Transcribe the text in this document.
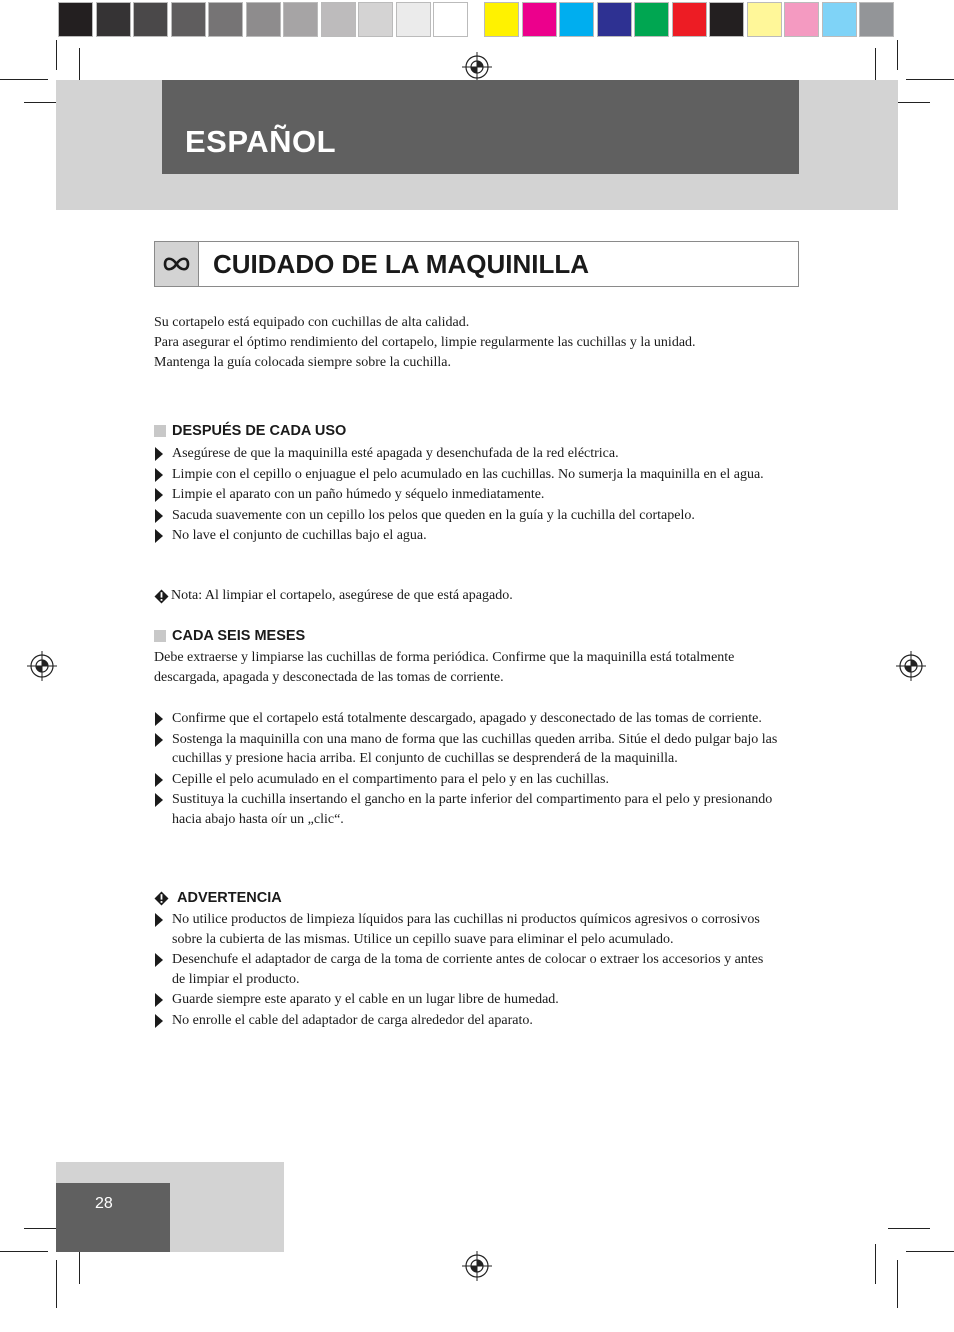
ESPAÑOL
CUIDADO DE LA MAQUINILLA

Su cortapelo está equipado con cuchillas de alta calidad.

Para asegurar el óptimo rendimiento del cortapelo, limpie regularmente las cuchillas y la unidad.

Mantenga la guía colocada siempre sobre la cuchilla.

DESPUÉS DE CADA USO
Asegúrese de que la maquinilla esté apagada y desenchufada de la red eléctrica.
Limpie con el cepillo o enjuague el pelo acumulado en las cuchillas. No sumerja la maquinilla en el agua.
Limpie el aparato con un paño húmedo y séquelo inmediatamente.
Sacuda suavemente con un cepillo los pelos que queden en la guía y la cuchilla del cortapelo.
No lave el conjunto de cuchillas bajo el agua.
Nota: Al limpiar el cortapelo, asegúrese de que está apagado.
CADA SEIS MESES

Debe extraerse y limpiarse las cuchillas de forma periódica. Confirme que la maquinilla está totalmente descargada, apagada y desconectada de las tomas de corriente.

Confirme que el cortapelo está totalmente descargado, apagado y desconectado de las tomas de corriente.
Sostenga la maquinilla con una mano de forma que las cuchillas queden arriba. Sitúe el dedo pulgar bajo las cuchillas y presione hacia arriba. El conjunto de cuchillas se desprenderá de la maquinilla.
Cepille el pelo acumulado en el compartimento para el pelo y en las cuchillas.
Sustituya la cuchilla insertando el gancho en la parte inferior del compartimento para el pelo y presionando hacia abajo hasta oír un „clic“.
ADVERTENCIA
No utilice productos de limpieza líquidos para las cuchillas ni productos químicos agresivos o corrosivos sobre la cubierta de las mismas. Utilice un cepillo suave para eliminar el pelo acumulado.
Desenchufe el adaptador de carga de la toma de corriente antes de colocar o extraer los accesorios y antes de limpiar el producto.
Guarde siempre este aparato y el cable en un lugar libre de humedad.
No enrolle el cable del adaptador de carga alrededor del aparato.
28
